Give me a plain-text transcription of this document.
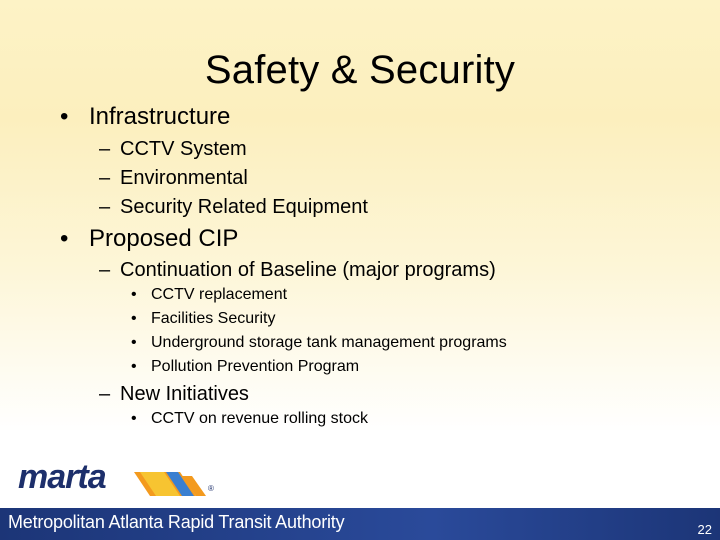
Safety & Security
• Infrastructure
– CCTV System
– Environmental
– Security Related Equipment
• Proposed CIP
– Continuation of Baseline (major programs)
• CCTV replacement
• Facilities Security
• Underground storage tank management programs
• Pollution Prevention Program
– New Initiatives
• CCTV on revenue rolling stock
marta	®
Metropolitan Atlanta Rapid Transit Authority	22
